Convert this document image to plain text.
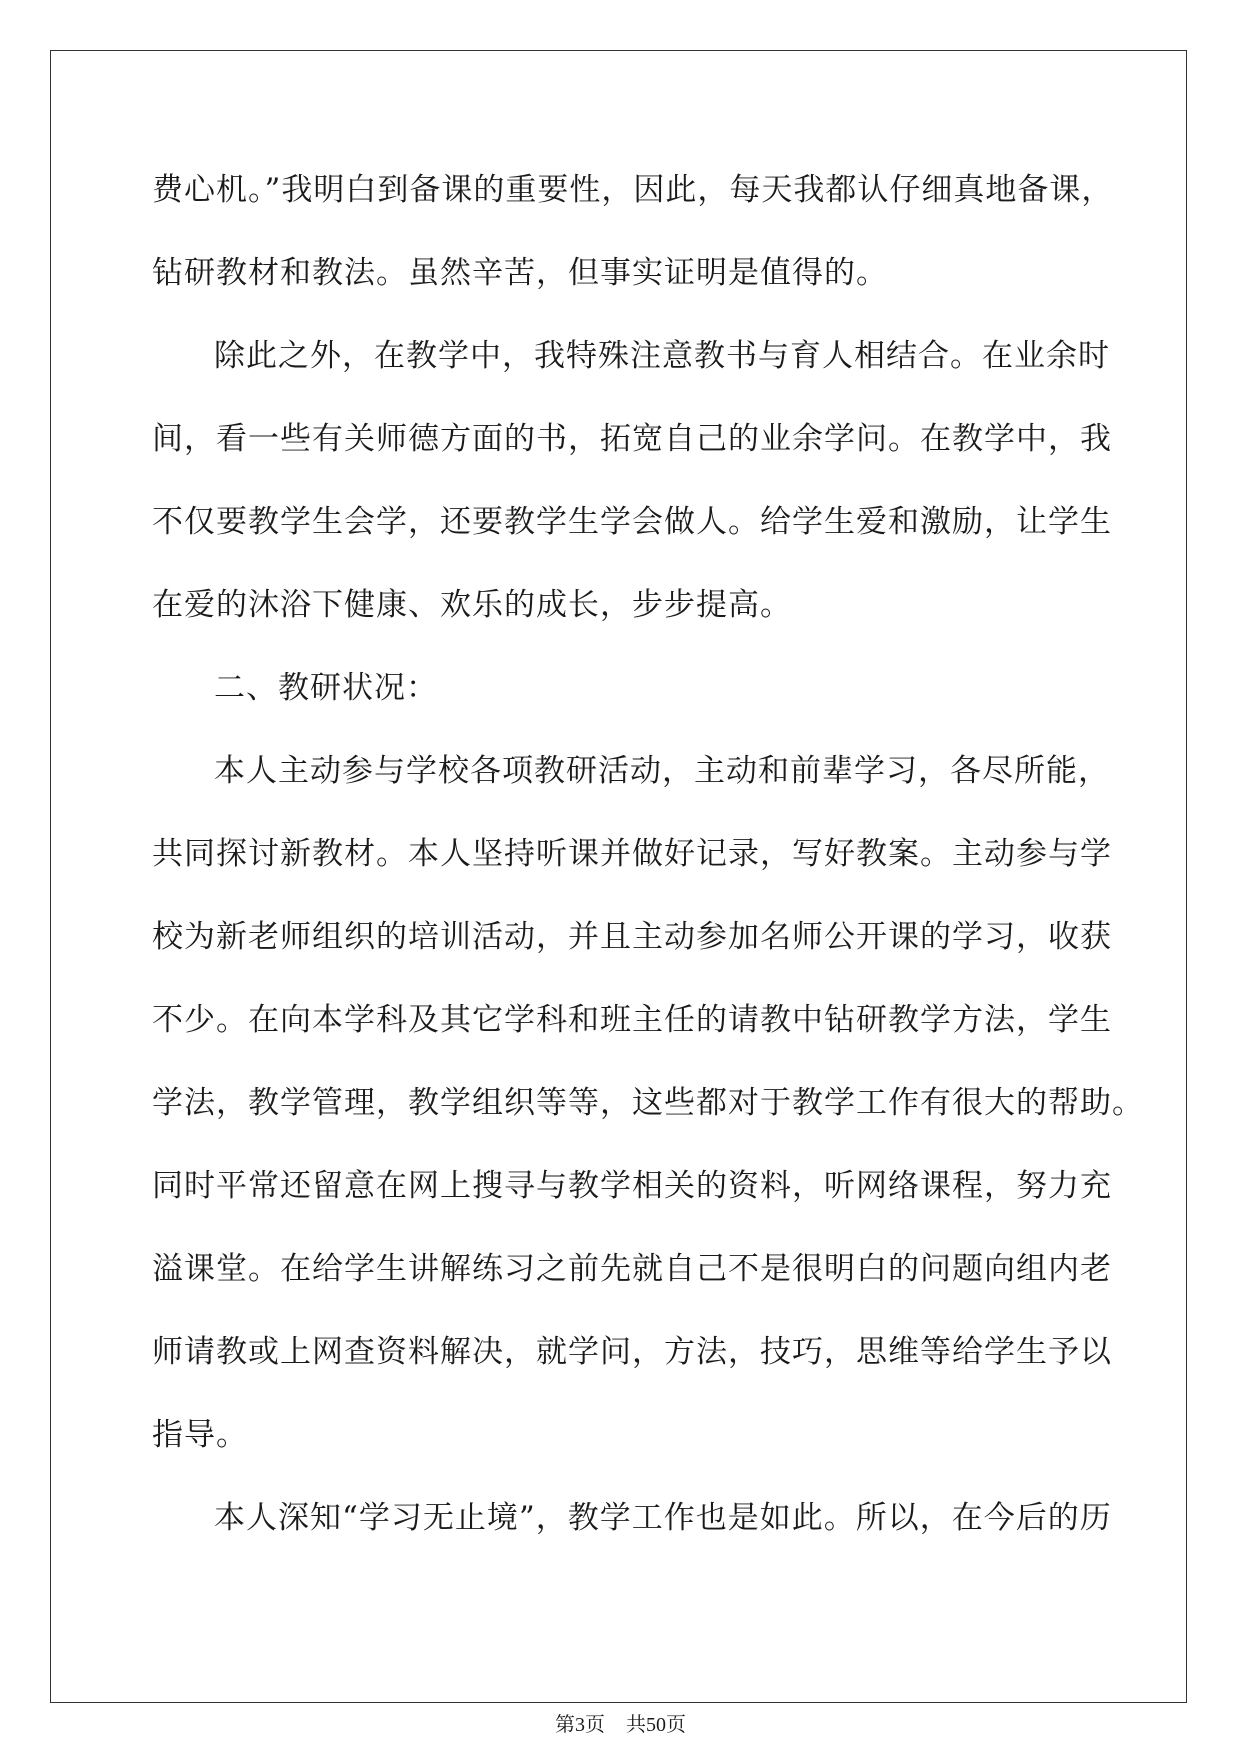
费心机。”我明白到备课的重要性，因此，每天我都认仔细真地备课，

钻研教材和教法。虽然辛苦，但事实证明是值得的。

除此之外，在教学中，我特殊注意教书与育人相结合。在业余时

间，看一些有关师德方面的书，拓宽自己的业余学问。在教学中，我

不仅要教学生会学，还要教学生学会做人。给学生爱和激励，让学生

在爱的沐浴下健康、欢乐的成长，步步提高。

二、教研状况：

本人主动参与学校各项教研活动，主动和前辈学习，各尽所能，

共同探讨新教材。本人坚持听课并做好记录，写好教案。主动参与学

校为新老师组织的培训活动，并且主动参加名师公开课的学习，收获

不少。在向本学科及其它学科和班主任的请教中钻研教学方法，学生

学法，教学管理，教学组织等等，这些都对于教学工作有很大的帮助。

同时平常还留意在网上搜寻与教学相关的资料，听网络课程，努力充

溢课堂。在给学生讲解练习之前先就自己不是很明白的问题向组内老

师请教或上网查资料解决，就学问，方法，技巧，思维等给学生予以

指导。

本人深知“学习无止境”，教学工作也是如此。所以，在今后的历

第3页 共50页
